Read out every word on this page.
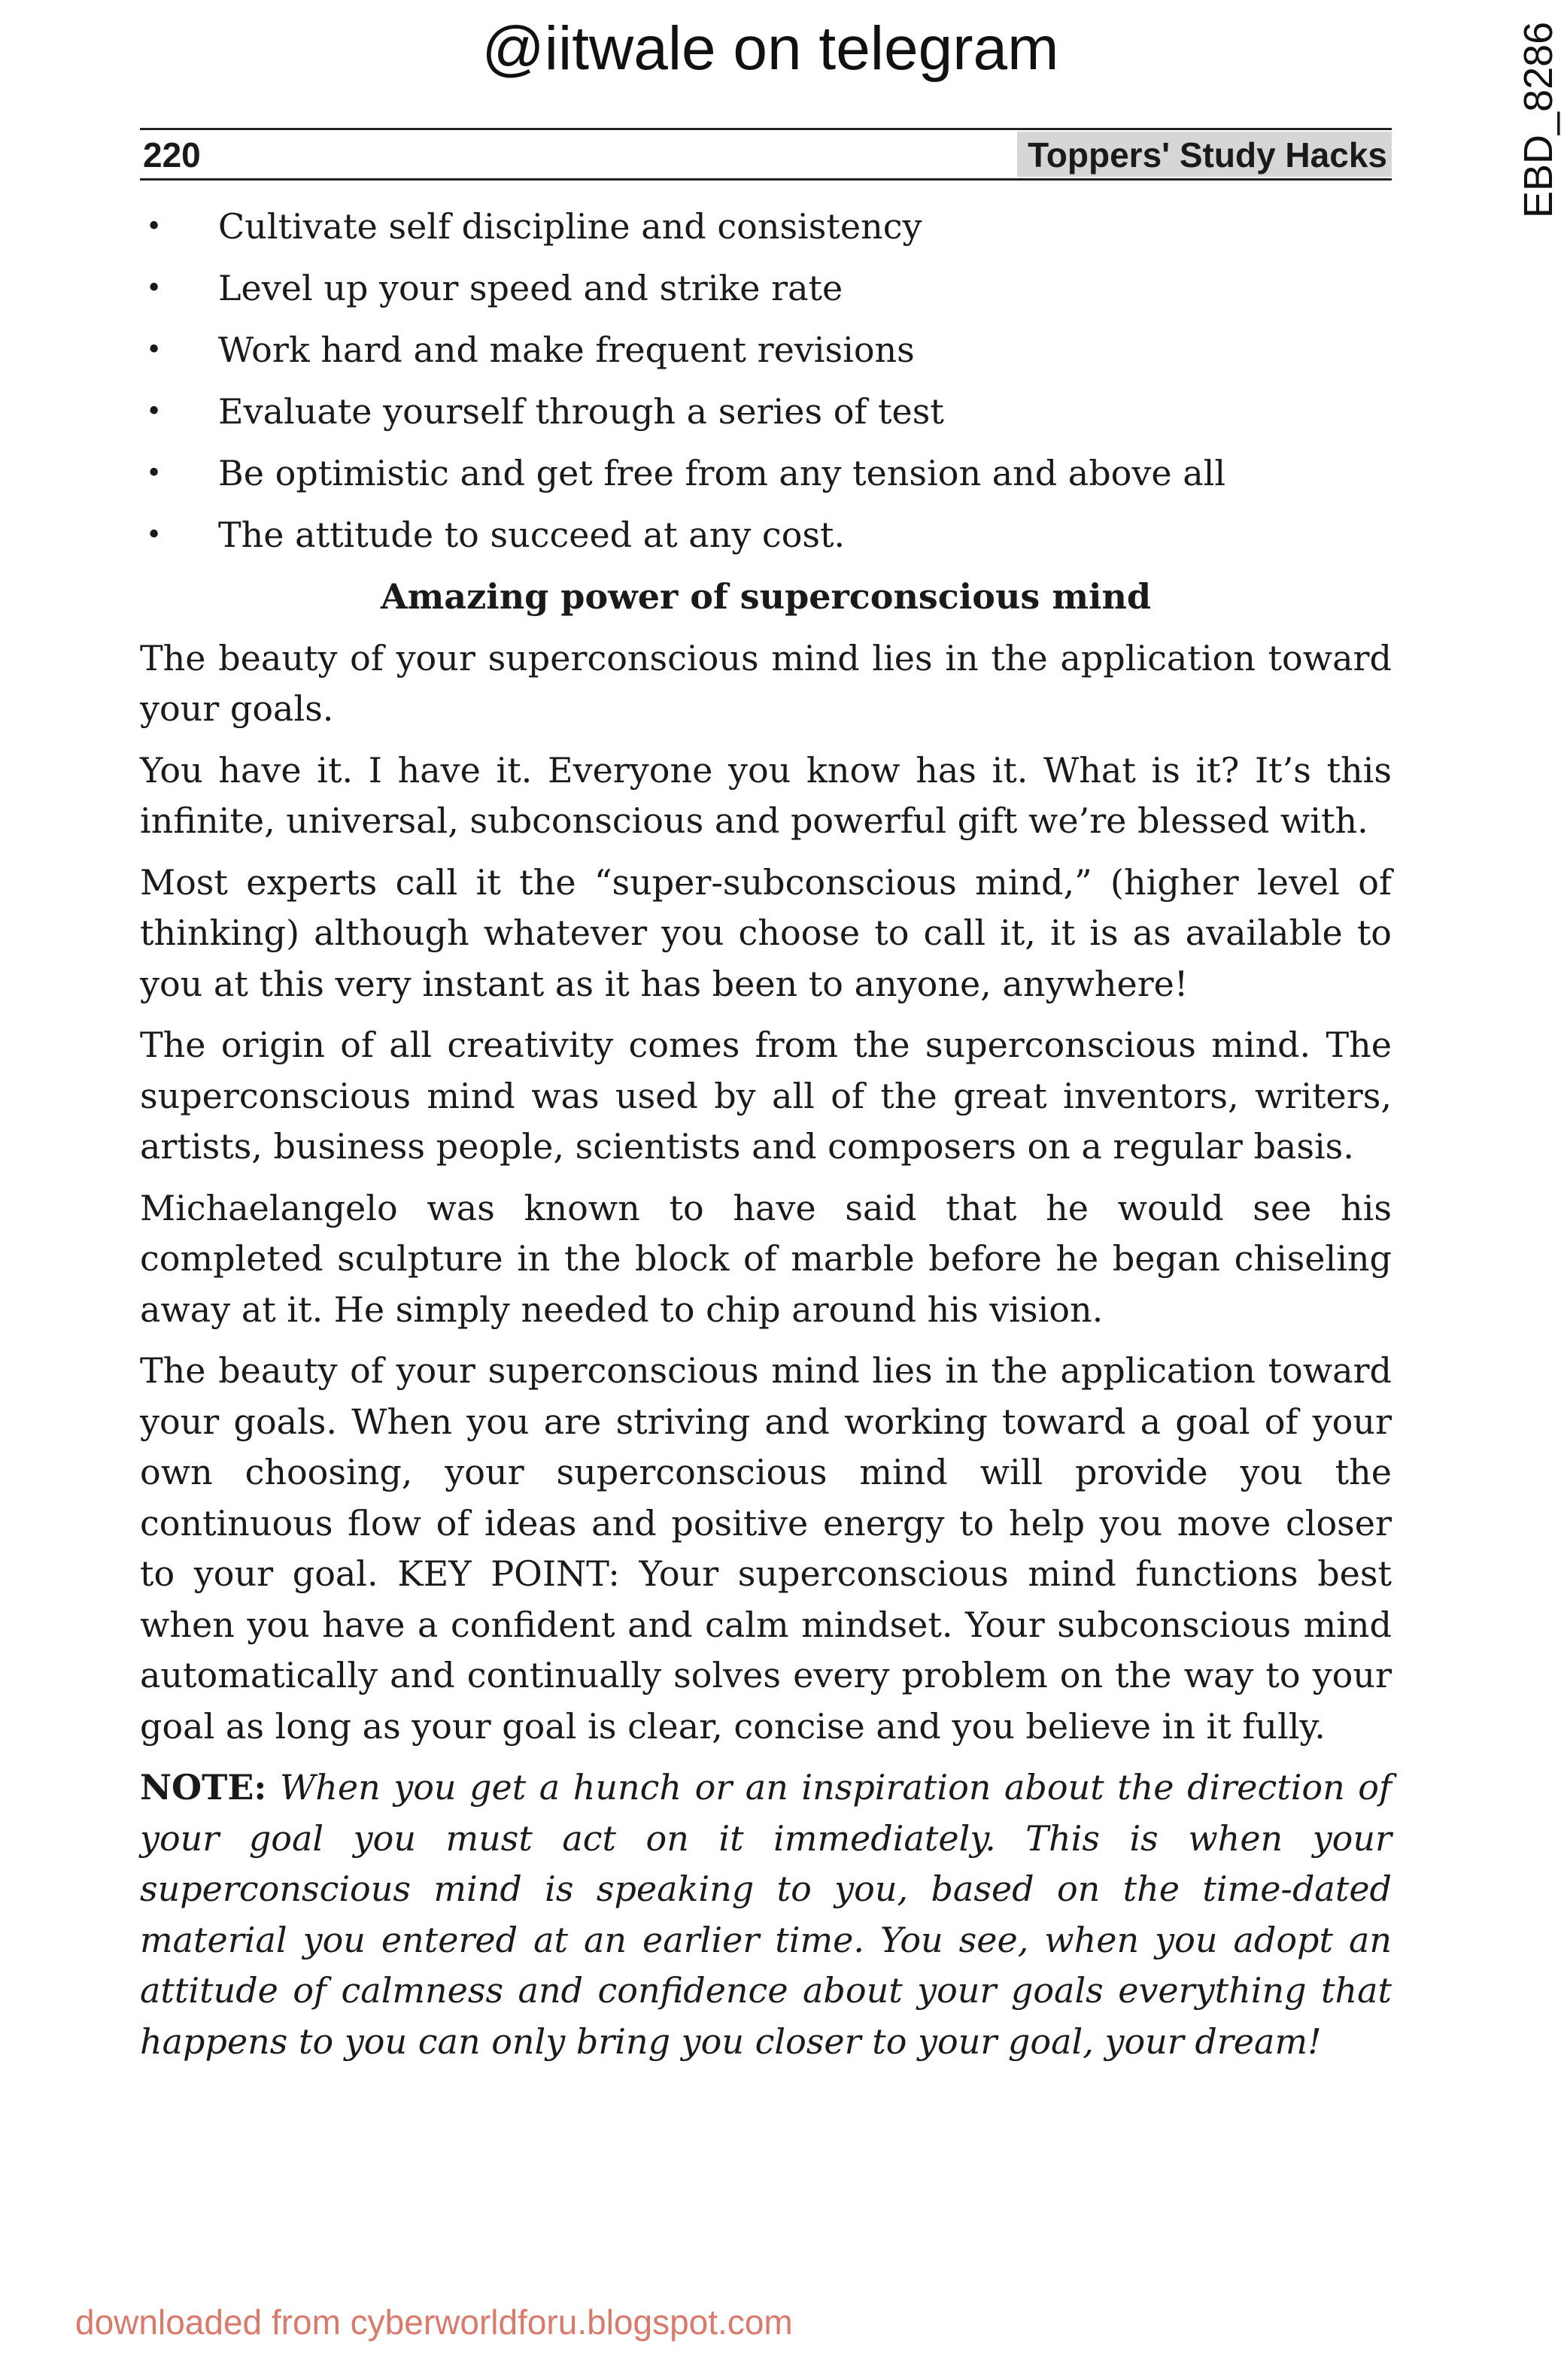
@iitwale on telegram	EBD_8286
220	Toppers' Study Hacks
• Cultivate self discipline and consistency
• Level up your speed and strike rate
• Work hard and make frequent revisions
• Evaluate yourself through a series of test
• Be optimistic and get free from any tension and above all
• The attitude to succeed at any cost.
Amazing power of superconscious mind

The beauty of your superconscious mind lies in the application toward your goals.

You have it. I have it. Everyone you know has it. What is it? It’s this infinite, universal, subconscious and powerful gift we’re blessed with.

Most experts call it the “super-subconscious mind,” (higher level of thinking) although whatever you choose to call it, it is as available to you at this very instant as it has been to anyone, anywhere!

The origin of all creativity comes from the superconscious mind. The superconscious mind was used by all of the great inventors, writers, artists, business people, scientists and composers on a regular basis.

Michaelangelo was known to have said that he would see his completed sculpture in the block of marble before he began chiseling away at it. He simply needed to chip around his vision.

The beauty of your superconscious mind lies in the application toward your goals. When you are striving and working toward a goal of your own choosing, your superconscious mind will provide you the continuous flow of ideas and positive energy to help you move closer to your goal. KEY POINT: Your superconscious mind functions best when you have a confident and calm mindset. Your subconscious mind automatically and continually solves every problem on the way to your goal as long as your goal is clear, concise and you believe in it fully.

NOTE: When you get a hunch or an inspiration about the direction of your goal you must act on it immediately. This is when your superconscious mind is speaking to you, based on the time-dated material you entered at an earlier time. You see, when you adopt an attitude of calmness and confidence about your goals everything that happens to you can only bring you closer to your goal, your dream!

downloaded from cyberworldforu.blogspot.com
